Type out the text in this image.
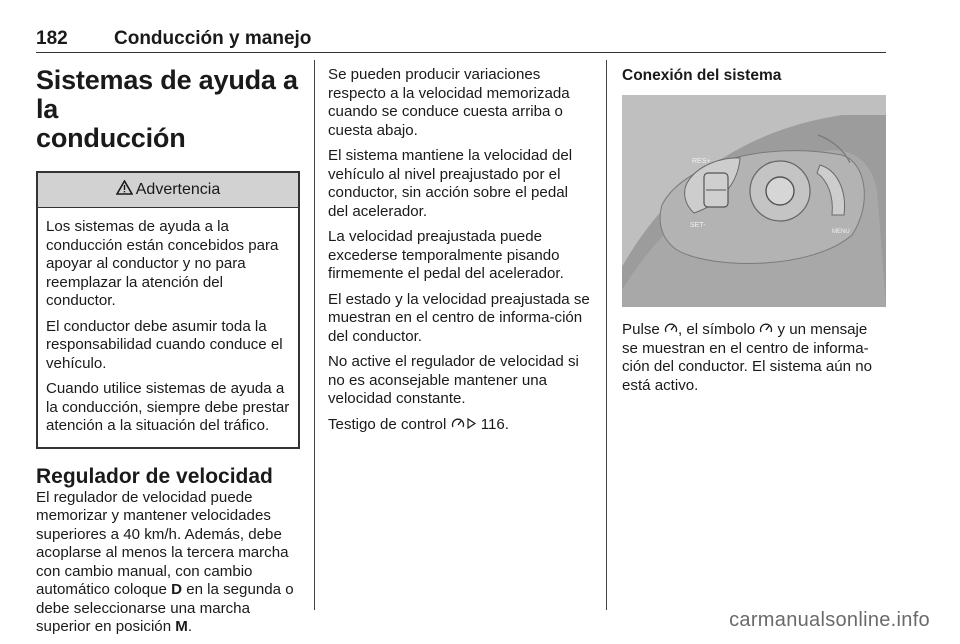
182 Conducción y manejo
Sistemas de ayuda a la
conducción
Advertencia

Los sistemas de ayuda a la conducción están concebidos para apoyar al conductor y no para reemplazar la atención del conductor.

El conductor debe asumir toda la responsabilidad cuando conduce el vehículo.

Cuando utilice sistemas de ayuda a la conducción, siempre debe prestar atención a la situación del tráfico.

Regulador de velocidad

El regulador de velocidad puede memorizar y mantener velocidades superiores a 40 km/h. Además, debe acoplarse al menos la tercera marcha con cambio manual, con cambio automático coloque D en la segunda o debe seleccionarse una marcha superior en posición M.

Se pueden producir variaciones respecto a la velocidad memorizada cuando se conduce cuesta arriba o cuesta abajo.

El sistema mantiene la velocidad del vehículo al nivel preajustado por el conductor, sin acción sobre el pedal del acelerador.

La velocidad preajustada puede excederse temporalmente pisando firmemente el pedal del acelerador.

El estado y la velocidad preajustada se muestran en el centro de informa‐ción del conductor.

No active el regulador de velocidad si no es aconsejable mantener una velocidad constante.

Testigo de control  116.

Conexión del sistema
RES+
SET-
MENU

Pulse , el símbolo  y un mensaje se muestran en el centro de informa‐ción del conductor. El sistema aún no está activo.

carmanualsonline.info
